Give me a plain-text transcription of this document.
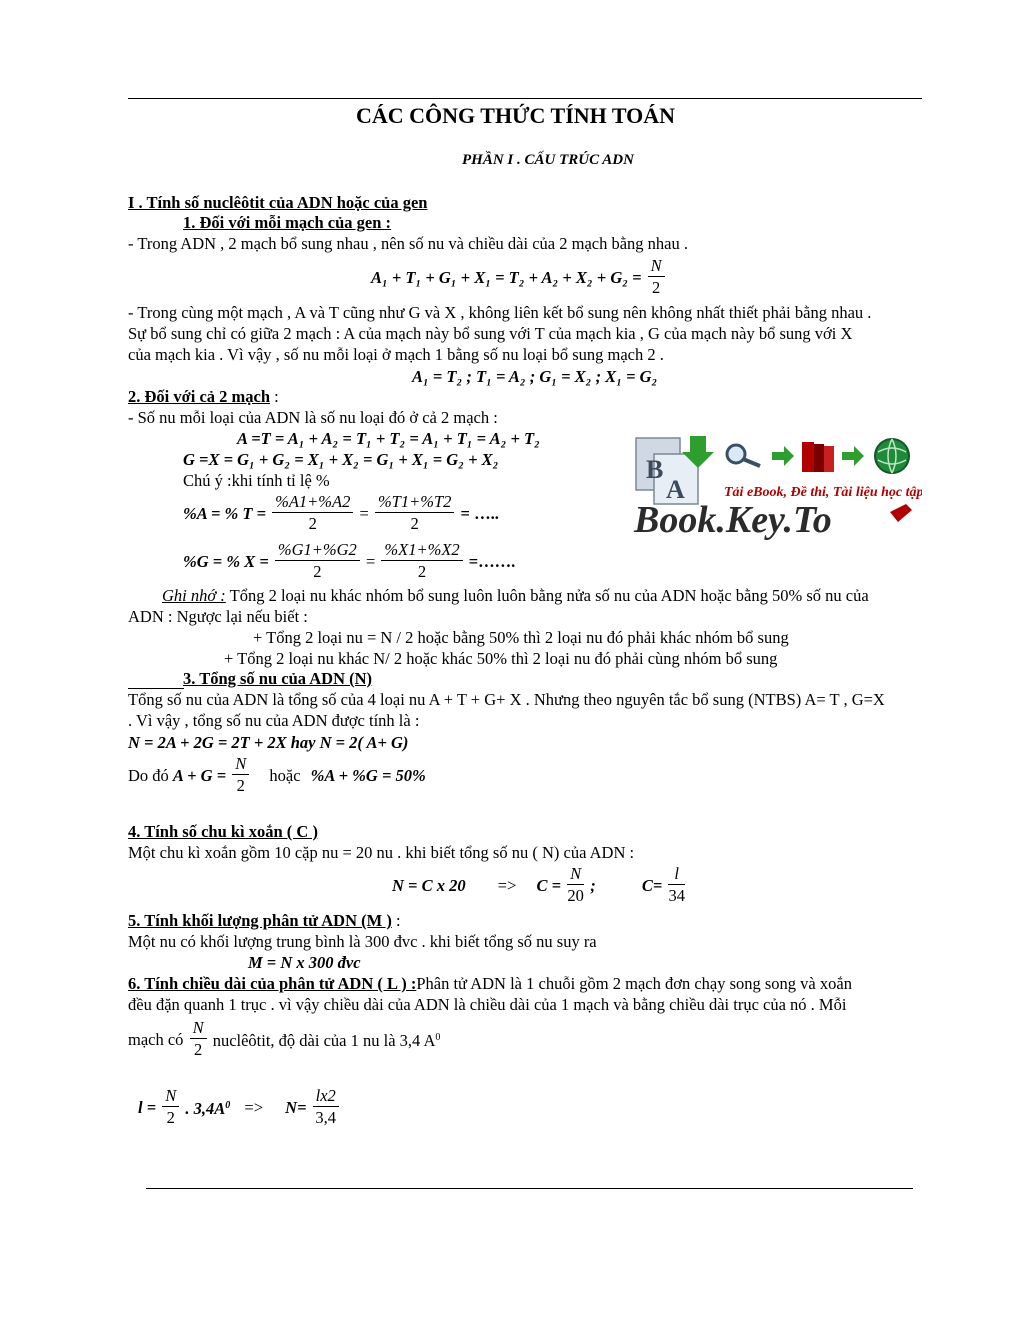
CÁC CÔNG THỨC TÍNH TOÁN
PHẦN I . CẤU TRÚC ADN
I . Tính số nuclêôtit của ADN hoặc của gen
1. Đối với mỗi mạch của gen :
- Trong ADN , 2 mạch bổ sung nhau , nên số nu và chiều dài của 2 mạch bằng nhau .
$A_1 + T_1 + G_1 + X_1 = T_2 + A_2 + X_2 + G_2 = \frac{N}{2}$
- Trong cùng một mạch , A và T cũng như G và X , không liên kết bổ sung nên không nhất thiết phải bằng nhau .
Sự bổ sung chỉ có giữa 2 mạch : A của mạch này bổ sung với T của mạch kia , G của mạch này bổ sung với X
của mạch kia . Vì vậy , số nu mỗi loại ở mạch 1 bằng số nu loại bổ sung mạch 2 .
A₁ = T₂ ; T₁ = A₂ ; G₁ = X₂ ; X₁ = G₂
2. Đối với cả 2 mạch :
- Số nu mỗi loại của ADN là số nu loại đó ở cả 2 mạch :
A =T = A₁ + A₂ = T₁ + T₂ = A₁ + T₁ = A₂ + T₂
G =X = G₁ + G₂ = X₁ + X₂ = G₁ + X₁ = G₂ + X₂
Chú ý :khi tính tỉ lệ %
%A = % $T = \frac{\%A1+\%A2}{2} = \frac{\%T1+\%T2}{2}$ = …..
%G = % $X = \frac{\%G1+\%G2}{2} = \frac{\%X1+\%X2}{2}$ =…….
Ghi nhớ : Tổng 2 loại nu khác nhóm bổ sung luôn luôn bằng nửa số nu của ADN hoặc bằng 50% số nu của
ADN : Ngược lại nếu biết :
+ Tổng 2 loại nu = N / 2 hoặc bằng 50% thì 2 loại nu đó phải khác nhóm bổ sung
+ Tổng 2 loại nu khác N/ 2 hoặc khác 50% thì 2 loại nu đó phải cùng nhóm bổ sung
3. Tổng số nu của ADN (N)
Tổng số nu của ADN là tổng số của 4 loại nu A + T + G+ X . Nhưng theo nguyên tắc bổ sung (NTBS) A= T , G=X
. Vì vậy , tổng số nu của ADN được tính là :
N = 2A + 2G = 2T + 2X hay N = 2( A+ G)
Do đó $A + G = \frac{N}{2}$ hoặc %A + %G = 50%
4. Tính số chu kì xoắn ( C )
Một chu kì xoắn gồm 10 cặp nu = 20 nu . khi biết tổng số nu ( N) của ADN :
N = C x $20 => C = \frac{N}{20}$ ;	$C= \frac{l}{34}$
5. Tính khối lượng phân tử ADN (M ) :
Một nu có khối lượng trung bình là 300 đvc . khi biết tổng số nu suy ra
M = N x 300 đvc
6. Tính chiều dài của phân tử ADN ( L ) :Phân tử ADN là 1 chuỗi gồm 2 mạch đơn chạy song song và xoắn
đều đặn quanh 1 trục . vì vậy chiều dài của ADN là chiều dài của 1 mạch và bằng chiều dài trục của nó . Mỗi
mạch có $\frac{N}{2}$ nuclêôtit, độ dài của 1 nu là 3,4 $A^0$
$l = \frac{N}{2}$ . $3,4A^0 => N= \frac{lx2}{3,4}$
B
A	Tải eBook, Đề thi, Tài liệu học tập...
Book.Key.To
